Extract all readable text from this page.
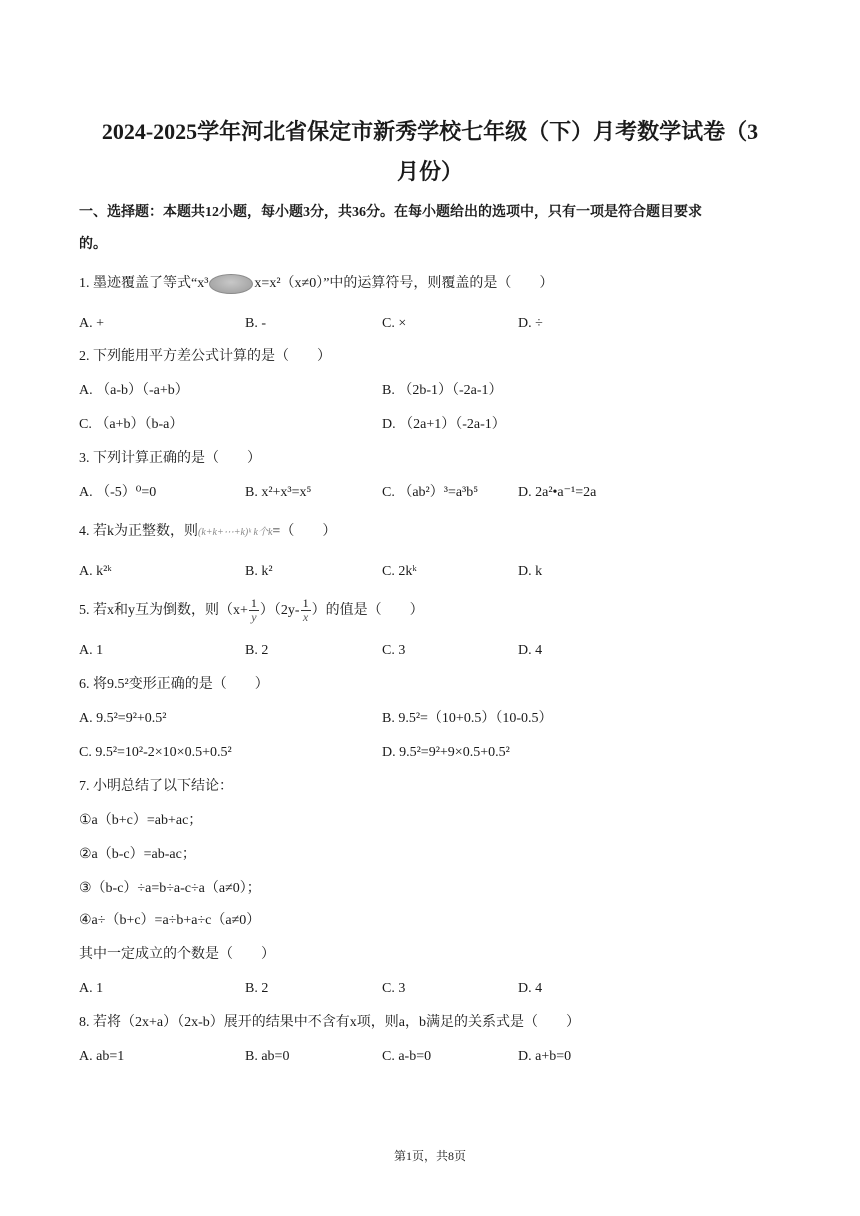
2024-2025学年河北省保定市新秀学校七年级（下）月考数学试卷（3
月份）
一、选择题：本题共12小题，每小题3分，共36分。在每小题给出的选项中，只有一项是符合题目要求
的。
1. 墨迹覆盖了等式“x³	x=x²（x≠0）”中的运算符号，则覆盖的是（　　）
A. +	B. -	C. ×	D. ÷
2. 下列能用平方差公式计算的是（　　）
A. （a-b）（-a+b）	B. （2b-1）（-2a-1）
C. （a+b）（b-a）	D. （2a+1）（-2a-1）
3. 下列计算正确的是（　　）
A. （-5）⁰=0	B. x²+x³=x⁵	C. （ab²）³=a³b⁵	D. 2a²•a⁻¹=2a
4. 若k为正整数，则(k+k+⋯+k)ᵏ k个k=（　　）
A. k²ᵏ	B. k²	C. 2kᵏ	D. k
5. 若x和y互为倒数，则$(x+ \frac{1}{y} )(2y- \frac{1}{x}$ ）的值是（　　）
A. 1	B. 2	C. 3	D. 4
6. 将9.5²变形正确的是（　　）
A. 9.5²=9²+0.5²	B. 9.5²=（10+0.5）（10-0.5）
C. 9.5²=10²-2×10×0.5+0.5²	D. 9.5²=9²+9×0.5+0.5²
7. 小明总结了以下结论：
①a（b+c）=ab+ac；
②a（b-c）=ab-ac；
③（b-c）÷a=b÷a-c÷a（a≠0）；
④a÷（b+c）=a÷b+a÷c（a≠0）
其中一定成立的个数是（　　）
A. 1	B. 2	C. 3	D. 4
8. 若将（2x+a）（2x-b）展开的结果中不含有x项，则a，b满足的关系式是（　　）
A. ab=1	B. ab=0	C. a-b=0	D. a+b=0
第1页，共8页
